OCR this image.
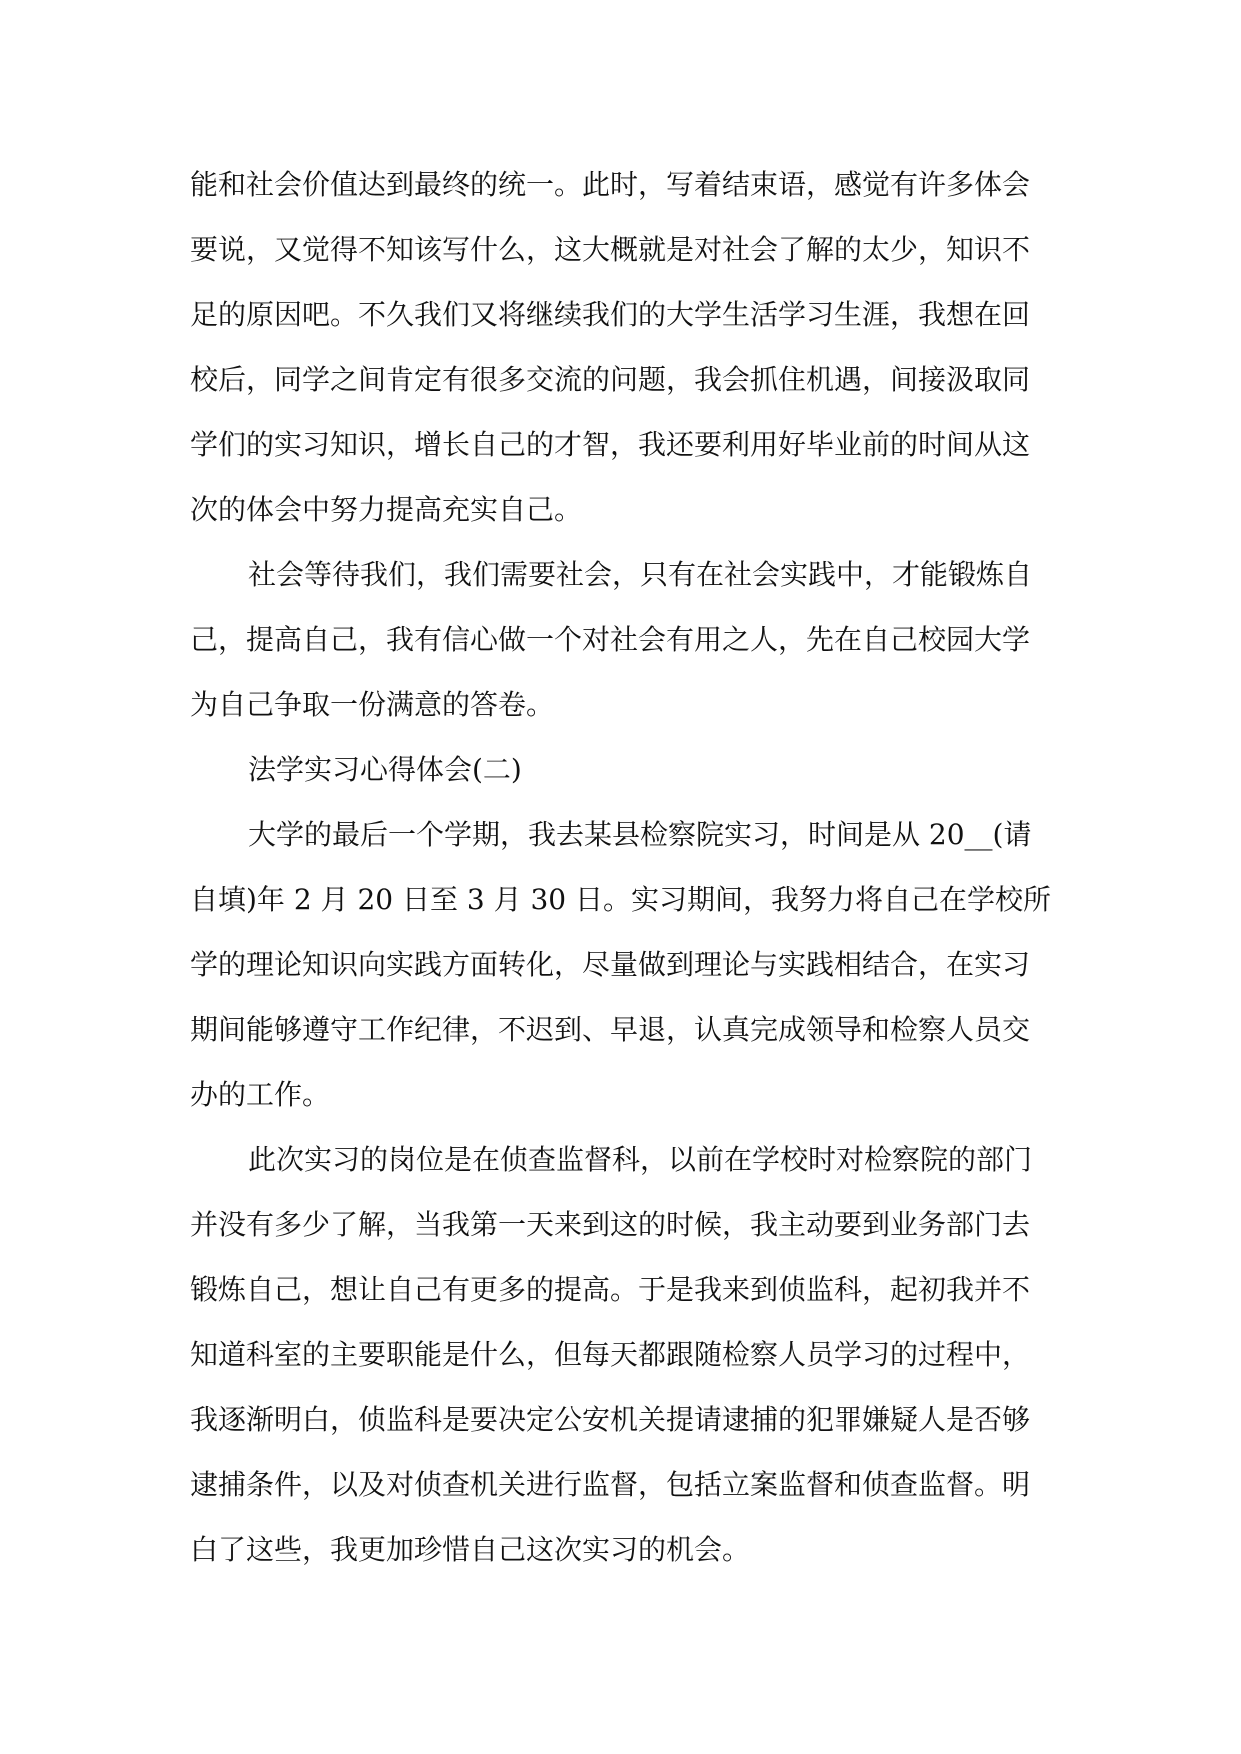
能和社会价值达到最终的统一。此时，写着结束语，感觉有许多体会
要说，又觉得不知该写什么，这大概就是对社会了解的太少，知识不
足的原因吧。不久我们又将继续我们的大学生活学习生涯，我想在回
校后，同学之间肯定有很多交流的问题，我会抓住机遇，间接汲取同
学们的实习知识，增长自己的才智，我还要利用好毕业前的时间从这
次的体会中努力提高充实自己。

社会等待我们，我们需要社会，只有在社会实践中，才能锻炼自
己，提高自己，我有信心做一个对社会有用之人，先在自己校园大学
为自己争取一份满意的答卷。

法学实习心得体会(二)

大学的最后一个学期，我去某县检察院实习，时间是从 20__(请
自填)年 2 月 20 日至 3 月 30 日。实习期间，我努力将自己在学校所
学的理论知识向实践方面转化，尽量做到理论与实践相结合，在实习
期间能够遵守工作纪律，不迟到、早退，认真完成领导和检察人员交
办的工作。

此次实习的岗位是在侦查监督科，以前在学校时对检察院的部门
并没有多少了解，当我第一天来到这的时候，我主动要到业务部门去
锻炼自己，想让自己有更多的提高。于是我来到侦监科，起初我并不
知道科室的主要职能是什么，但每天都跟随检察人员学习的过程中，
我逐渐明白，侦监科是要决定公安机关提请逮捕的犯罪嫌疑人是否够
逮捕条件，以及对侦查机关进行监督，包括立案监督和侦查监督。明
白了这些，我更加珍惜自己这次实习的机会。
